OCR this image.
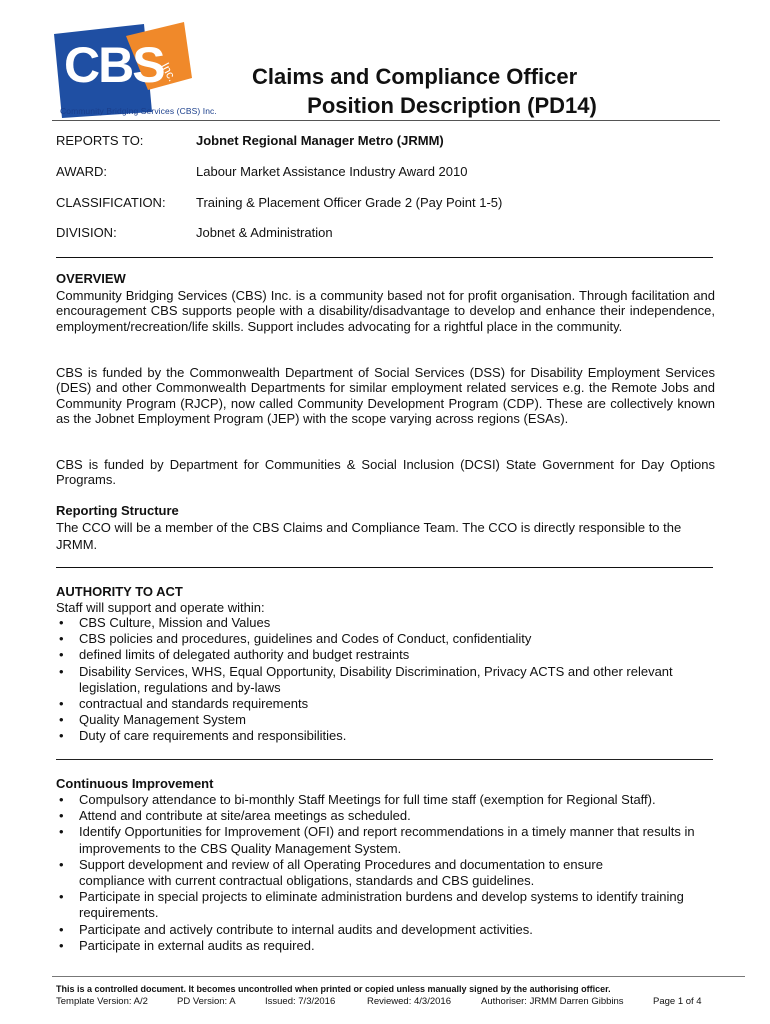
CBS
Inc.
Community Bridging Services (CBS) Inc.
Claims and Compliance Officer
Position Description (PD14)
REPORTS TO:	Jobnet Regional Manager Metro (JRMM)
AWARD:	Labour Market Assistance Industry Award 2010
CLASSIFICATION: Training & Placement Officer Grade 2 (Pay Point 1-5)
DIVISION:	Jobnet & Administration
OVERVIEW
Community Bridging Services (CBS) Inc. is a community based not for profit organisation. Through facilitation and encouragement CBS supports people with a disability/disadvantage to develop and enhance their independence, employment/recreation/life skills. Support includes advocating for a rightful place in the community.
CBS is funded by the Commonwealth Department of Social Services (DSS) for Disability Employment Services (DES) and other Commonwealth Departments for similar employment related services e.g. the Remote Jobs and Community Program (RJCP), now called Community Development Program (CDP). These are collectively known as the Jobnet Employment Program (JEP) with the scope varying across regions (ESAs).
CBS is funded by Department for Communities & Social Inclusion (DCSI) State Government for Day Options Programs.
Reporting Structure
The CCO will be a member of the CBS Claims and Compliance Team. The CCO is directly responsible to the JRMM.
AUTHORITY TO ACT
Staff will support and operate within:
• CBS Culture, Mission and Values
• CBS policies and procedures, guidelines and Codes of Conduct, confidentiality
• defined limits of delegated authority and budget restraints
• Disability Services, WHS, Equal Opportunity, Disability Discrimination, Privacy ACTS and other relevant legislation, regulations and by-laws
• contractual and standards requirements
• Quality Management System
• Duty of care requirements and responsibilities.
Continuous Improvement
• Compulsory attendance to bi-monthly Staff Meetings for full time staff (exemption for Regional Staff).
• Attend and contribute at site/area meetings as scheduled.
• Identify Opportunities for Improvement (OFI) and report recommendations in a timely manner that results in improvements to the CBS Quality Management System.
• Support development and review of all Operating Procedures and documentation to ensure compliance with current contractual obligations, standards and CBS guidelines.
• Participate in special projects to eliminate administration burdens and develop systems to identify training requirements.
• Participate and actively contribute to internal audits and development activities.
• Participate in external audits as required.
This is a controlled document. It becomes uncontrolled when printed or copied unless manually signed by the authorising officer.
Template Version: A/2	PD Version: A	Issued: 7/3/2016	Reviewed: 4/3/2016	Authoriser: JRMM Darren Gibbins	Page 1 of 4
